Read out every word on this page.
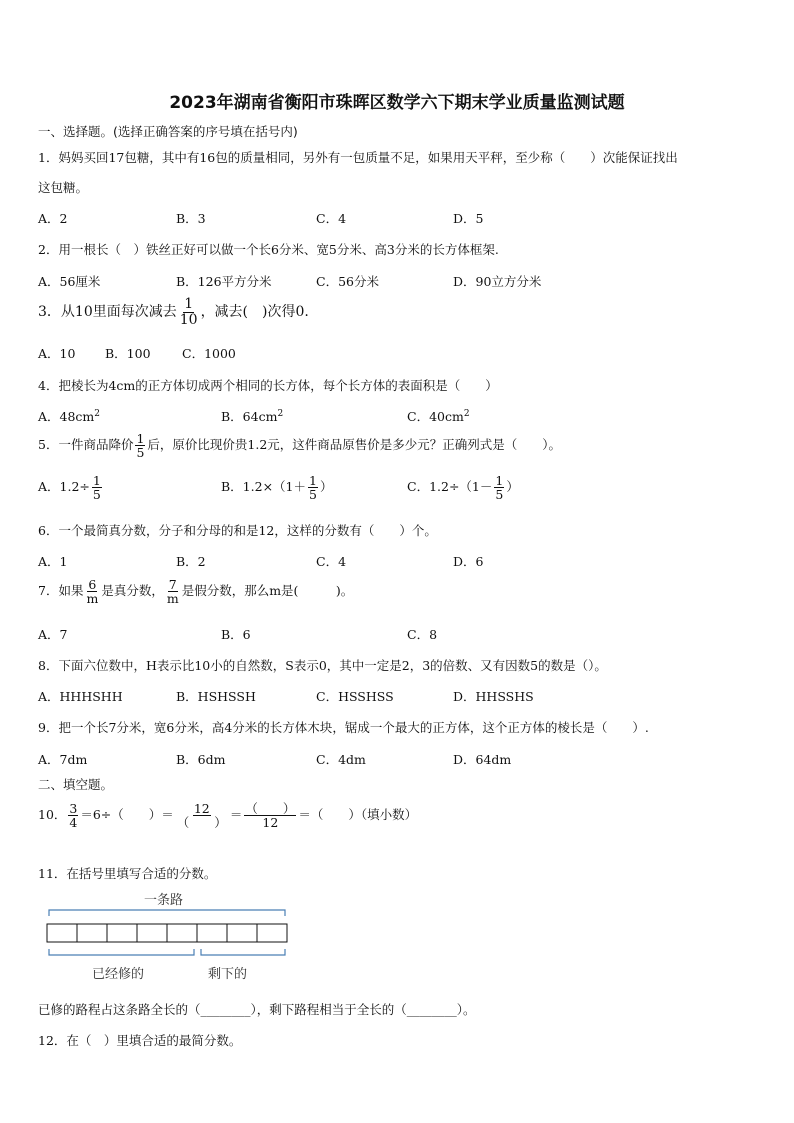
2023年湖南省衡阳市珠晖区数学六下期末学业质量监测试题
一、选择题。(选择正确答案的序号填在括号内)
1．妈妈买回17包糖，其中有16包的质量相同，另外有一包质量不足，如果用天平秤，至少称（　　）次能保证找出
这包糖。
A．2	B．3	C．4	D．5
2．用一根长（　）铁丝正好可以做一个长6分米、宽5分米、高3分米的长方体框架.
A．56厘米	B．126平方分米	C．56分米	D．90立方分米
3．从10里面每次减去 $\frac{1}{10}$ ，减去(　)次得0.
A．10 B．100	C．1000
4．把棱长为4cm的正方体切成两个相同的长方体，每个长方体的表面积是（　　）
A．$48cm^2$	B．$64cm^2$	C．$40cm^2$
5．一件商品降价 $\frac{1}{5}$ 后，原价比现价贵1.2元，这件商品原售价是多少元？正确列式是（　　）。
A．$1.2\div \frac{1}{5}$	B．$1.2\times(1+ \frac{1}{5}$ ）	C．$1.2\div(1- \frac{1}{5}$ ）
6．一个最简真分数，分子和分母的和是12，这样的分数有（　　）个。
A．1	B．2	C．4	D．6
7．如果 $\frac{6}{m}$ 是真分数， $\frac{7}{m}$ 是假分数，那么m是(　　　)。
A．7	B．6	C．8
8．下面六位数中，H表示比10小的自然数，S表示0，其中一定是2，3的倍数、又有因数5的数是（）。
A．HHHSHH	B．HSHSSH	C．HSSHSS	D．HHSSHS
9．把一个长7分米，宽6分米，高4分米的长方体木块，锯成一个最大的正方体，这个正方体的棱长是（　　）.
A．7dm	B．6dm	C．4dm	D．64dm
二、填空题。
10． $\frac{3}{4} =6\div$（　　）＝ $\frac{12}{( )} = \frac{( )}{12}$ ＝（　　）（填小数）
11．在括号里填写合适的分数。
一条路
已经修的	剩下的
已修的路程占这条路全长的（________），剩下路程相当于全长的（________）。
12．在（　）里填合适的最简分数。
